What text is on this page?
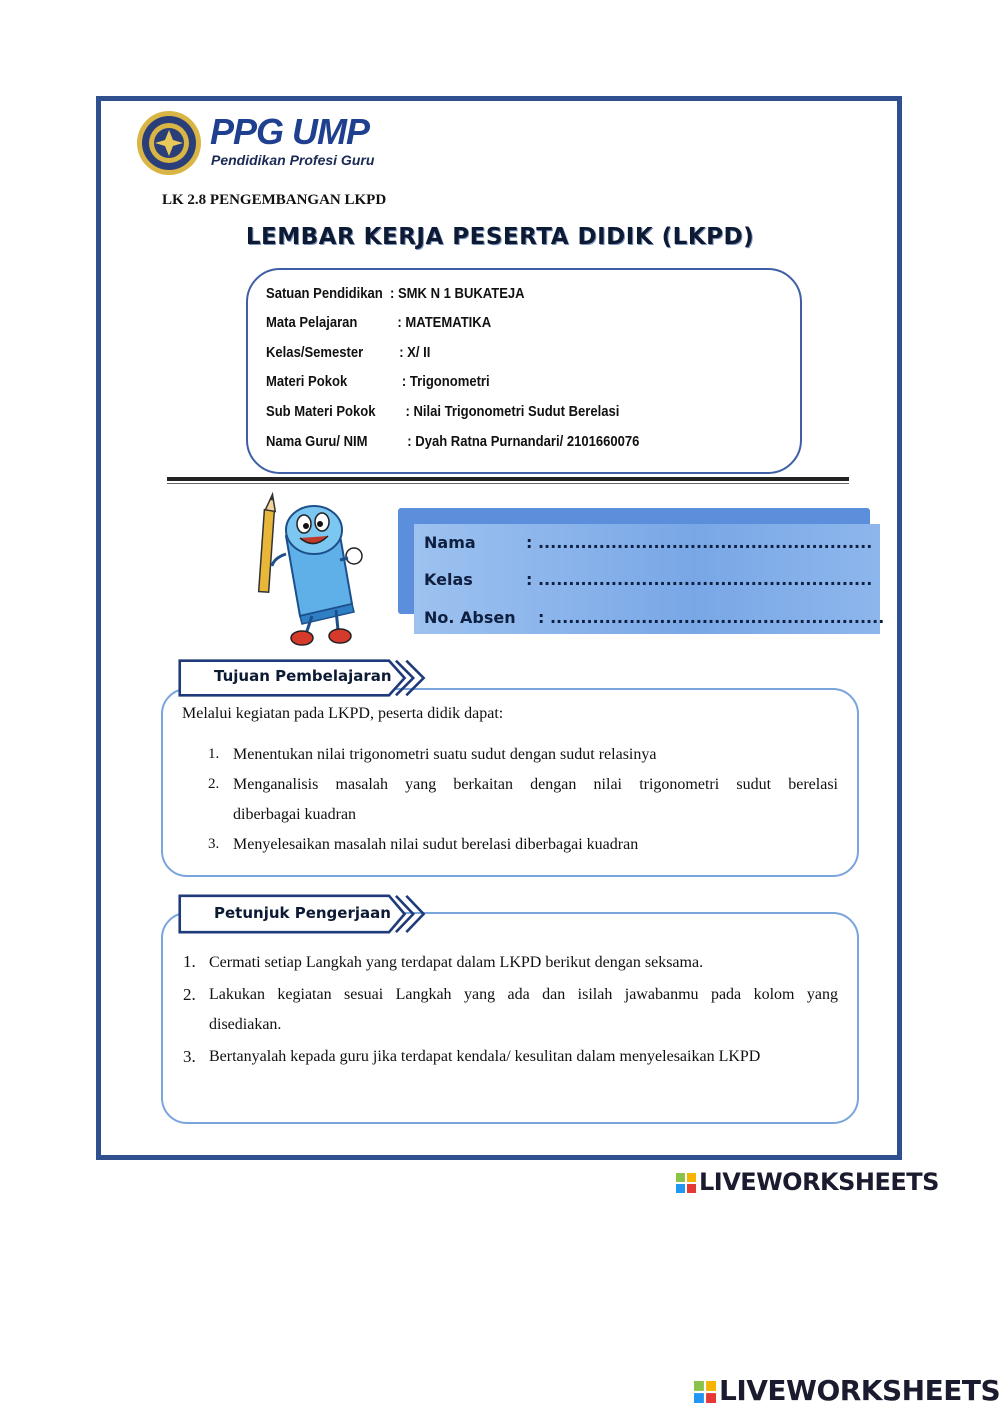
PPG UMP
Pendidikan Profesi Guru
LK 2.8 PENGEMBANGAN LKPD
LEMBAR KERJA PESERTA DIDIK (LKPD)
Satuan Pendidikan : SMK N 1 BUKATEJA
Mata Pelajaran	: MATEMATIKA
Kelas/Semester : X/ II
Materi Pokok	: Trigonometri
Sub Materi Pokok : Nilai Trigonometri Sudut Berelasi
Nama Guru/ NIM	: Dyah Ratna Purnandari/ 2101660076
Nama	: .......................................................
Kelas	: .......................................................
No. Absen : .......................................................
Tujuan Pembelajaran
Melalui kegiatan pada LKPD, peserta didik dapat:
1. Menentukan nilai trigonometri suatu sudut dengan sudut relasinya
2. Menganalisis masalah yang berkaitan dengan nilai trigonometri sudut berelasi
diberbagai kuadran
3. Menyelesaikan masalah nilai sudut berelasi diberbagai kuadran
Petunjuk Pengerjaan
1. Cermati setiap Langkah yang terdapat dalam LKPD berikut dengan seksama.
2. Lakukan kegiatan sesuai Langkah yang ada dan isilah jawabanmu pada kolom yang
disediakan.
3. Bertanyalah kepada guru jika terdapat kendala/ kesulitan dalam menyelesaikan LKPD
LIVEWORKSHEETS
LIVEWORKSHEETS
